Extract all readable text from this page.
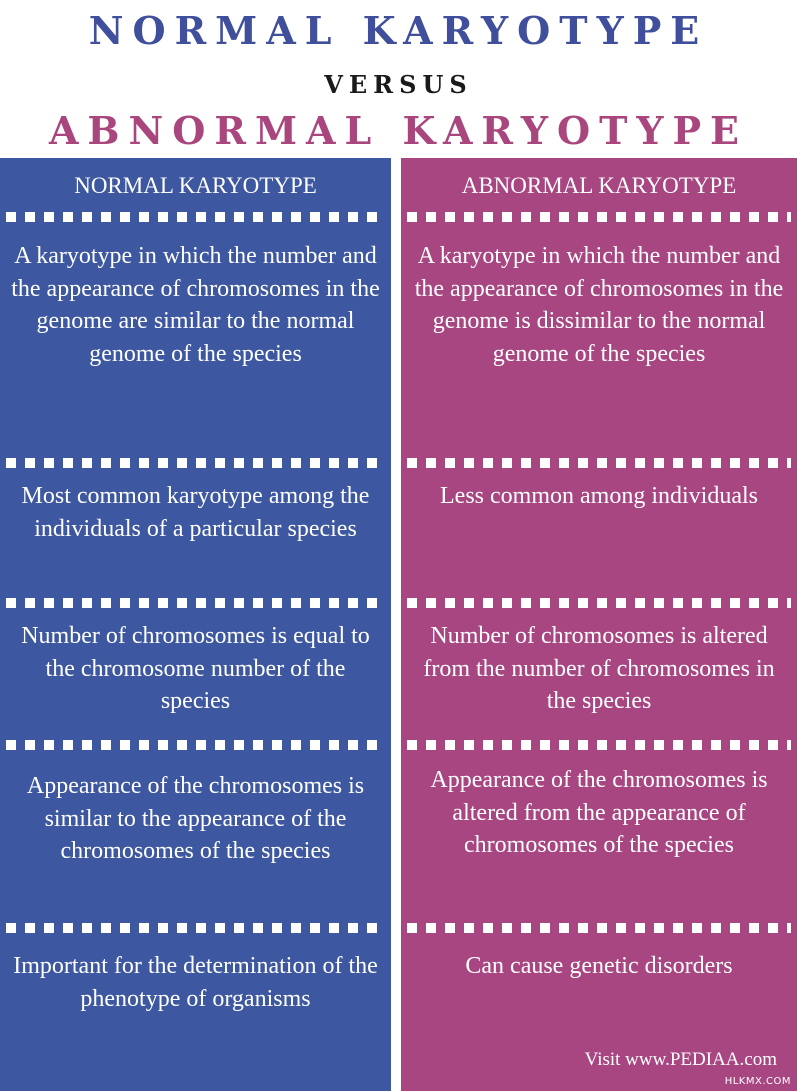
NORMAL KARYOTYPE
VERSUS
ABNORMAL KARYOTYPE
NORMAL KARYOTYPE
A karyotype in which the number and the appearance of chromosomes in the genome are similar to the normal genome of the species
Most common karyotype among the individuals of a particular species
Number of chromosomes is equal to the chromosome number of the species
Appearance of the chromosomes is similar to the appearance of the chromosomes of the species
Important for the determination of the phenotype of organisms
ABNORMAL KARYOTYPE
A karyotype in which the number and the appearance of chromosomes in the genome is dissimilar to the normal genome of the species
Less common among individuals
Number of chromosomes is altered from the number of chromosomes in the species
Appearance of the chromosomes is altered from the appearance of chromosomes of the species
Can cause genetic disorders
Visit www.PEDIAA.com
HLKMX.COM
